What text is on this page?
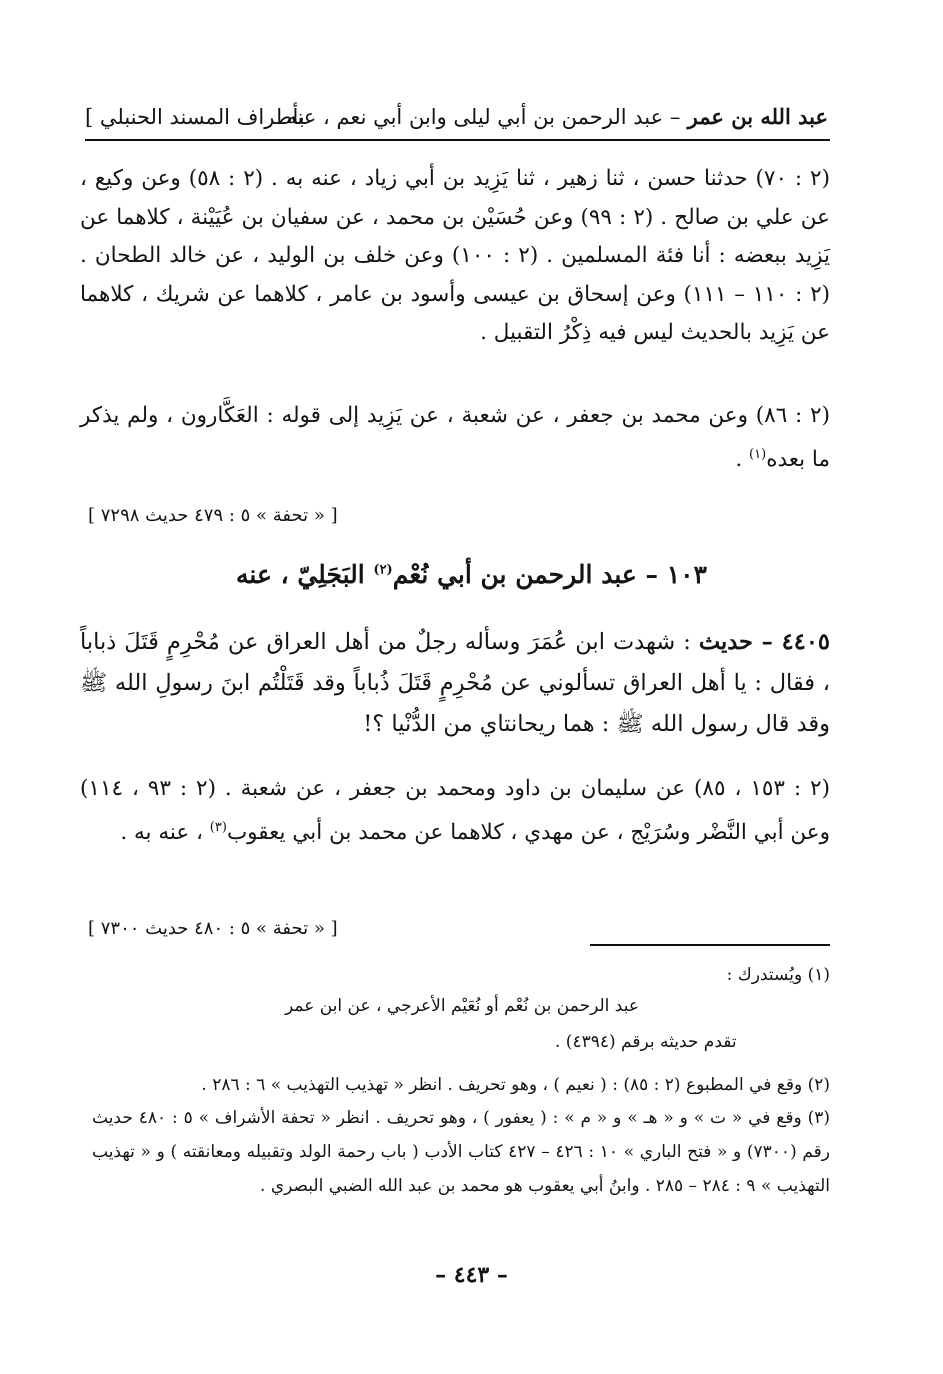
عبد الله بن عمر – عبد الرحمن بن أبي ليلى وابن أبي نعم ، عنه
بأطراف المسند الحنبلي ]
(٢ : ٧٠) حدثنا حسن ، ثنا زهير ، ثنا يَزِيد بن أبي زياد ، عنه به . (٢ : ٥٨) وعن وكيع ، عن علي بن صالح . (٢ : ٩٩) وعن حُسَيْن بن محمد ، عن سفيان بن عُيَيْنة ، كلاهما عن يَزِيد ببعضه : أنا فئة المسلمين . (٢ : ١٠٠) وعن خلف بن الوليد ، عن خالد الطحان . (٢ : ١١٠ – ١١١) وعن إسحاق بن عيسى وأسود بن عامر ، كلاهما عن شريك ، كلاهما عن يَزِيد بالحديث ليس فيه ذِكْرُ التقبيل .
(٢ : ٨٦) وعن محمد بن جعفر ، عن شعبة ، عن يَزِيد إلى قوله : العَكَّارون ، ولم يذكر ما بعده$^{(١)}$ .
[ « تحفة » ٥ : ٤٧٩ حديث ٧٢٩٨ ]
١٠٣ – عبد الرحمن بن أبي نُعْم$^{(٢)}$ البَجَلِيّ ، عنه
٤٤٠٥ – حديث : شهدت ابن عُمَرَ وسأله رجلٌ من أهل العراق عن مُحْرِمٍ قَتَلَ ذباباً ، فقال : يا أهل العراق تسألوني عن مُحْرِمٍ قَتَلَ ذُباباً وقد قَتَلْتُم ابنَ رسولِ الله ﷺ وقد قال رسول الله ﷺ : هما ريحانتاي من الدُّنْيا ؟!
(٢ : ١٥٣ ، ٨٥) عن سليمان بن داود ومحمد بن جعفر ، عن شعبة . (٢ : ٩٣ ، ١١٤) وعن أبي النَّضْر وسُرَيْج ، عن مهدي ، كلاهما عن محمد بن أبي يعقوب$^{(٣)}$ ، عنه به .
[ « تحفة » ٥ : ٤٨٠ حديث ٧٣٠٠ ]
(١) ويُستدرك :
عبد الرحمن بن نُعْم أو نُعَيْم الأعرجي ، عن ابن عمر
تقدم حديثه برقم (٤٣٩٤) .
(٢) وقع في المطبوع (٢ : ٨٥) : ( نعيم ) ، وهو تحريف . انظر « تهذيب التهذيب » ٦ : ٢٨٦ .
(٣) وقع في « ت » و « هـ » و « م » : ( يعفور ) ، وهو تحريف . انظر « تحفة الأشراف » ٥ : ٤٨٠ حديث رقم (٧٣٠٠) و « فتح الباري » ١٠ : ٤٢٦ – ٤٢٧ كتاب الأدب ( باب رحمة الولد وتقبيله ومعانقته ) و « تهذيب التهذيب » ٩ : ٢٨٤ – ٢٨٥ . وابنُ أبي يعقوب هو محمد بن عبد الله الضبي البصري .
– ٤٤٣ –
